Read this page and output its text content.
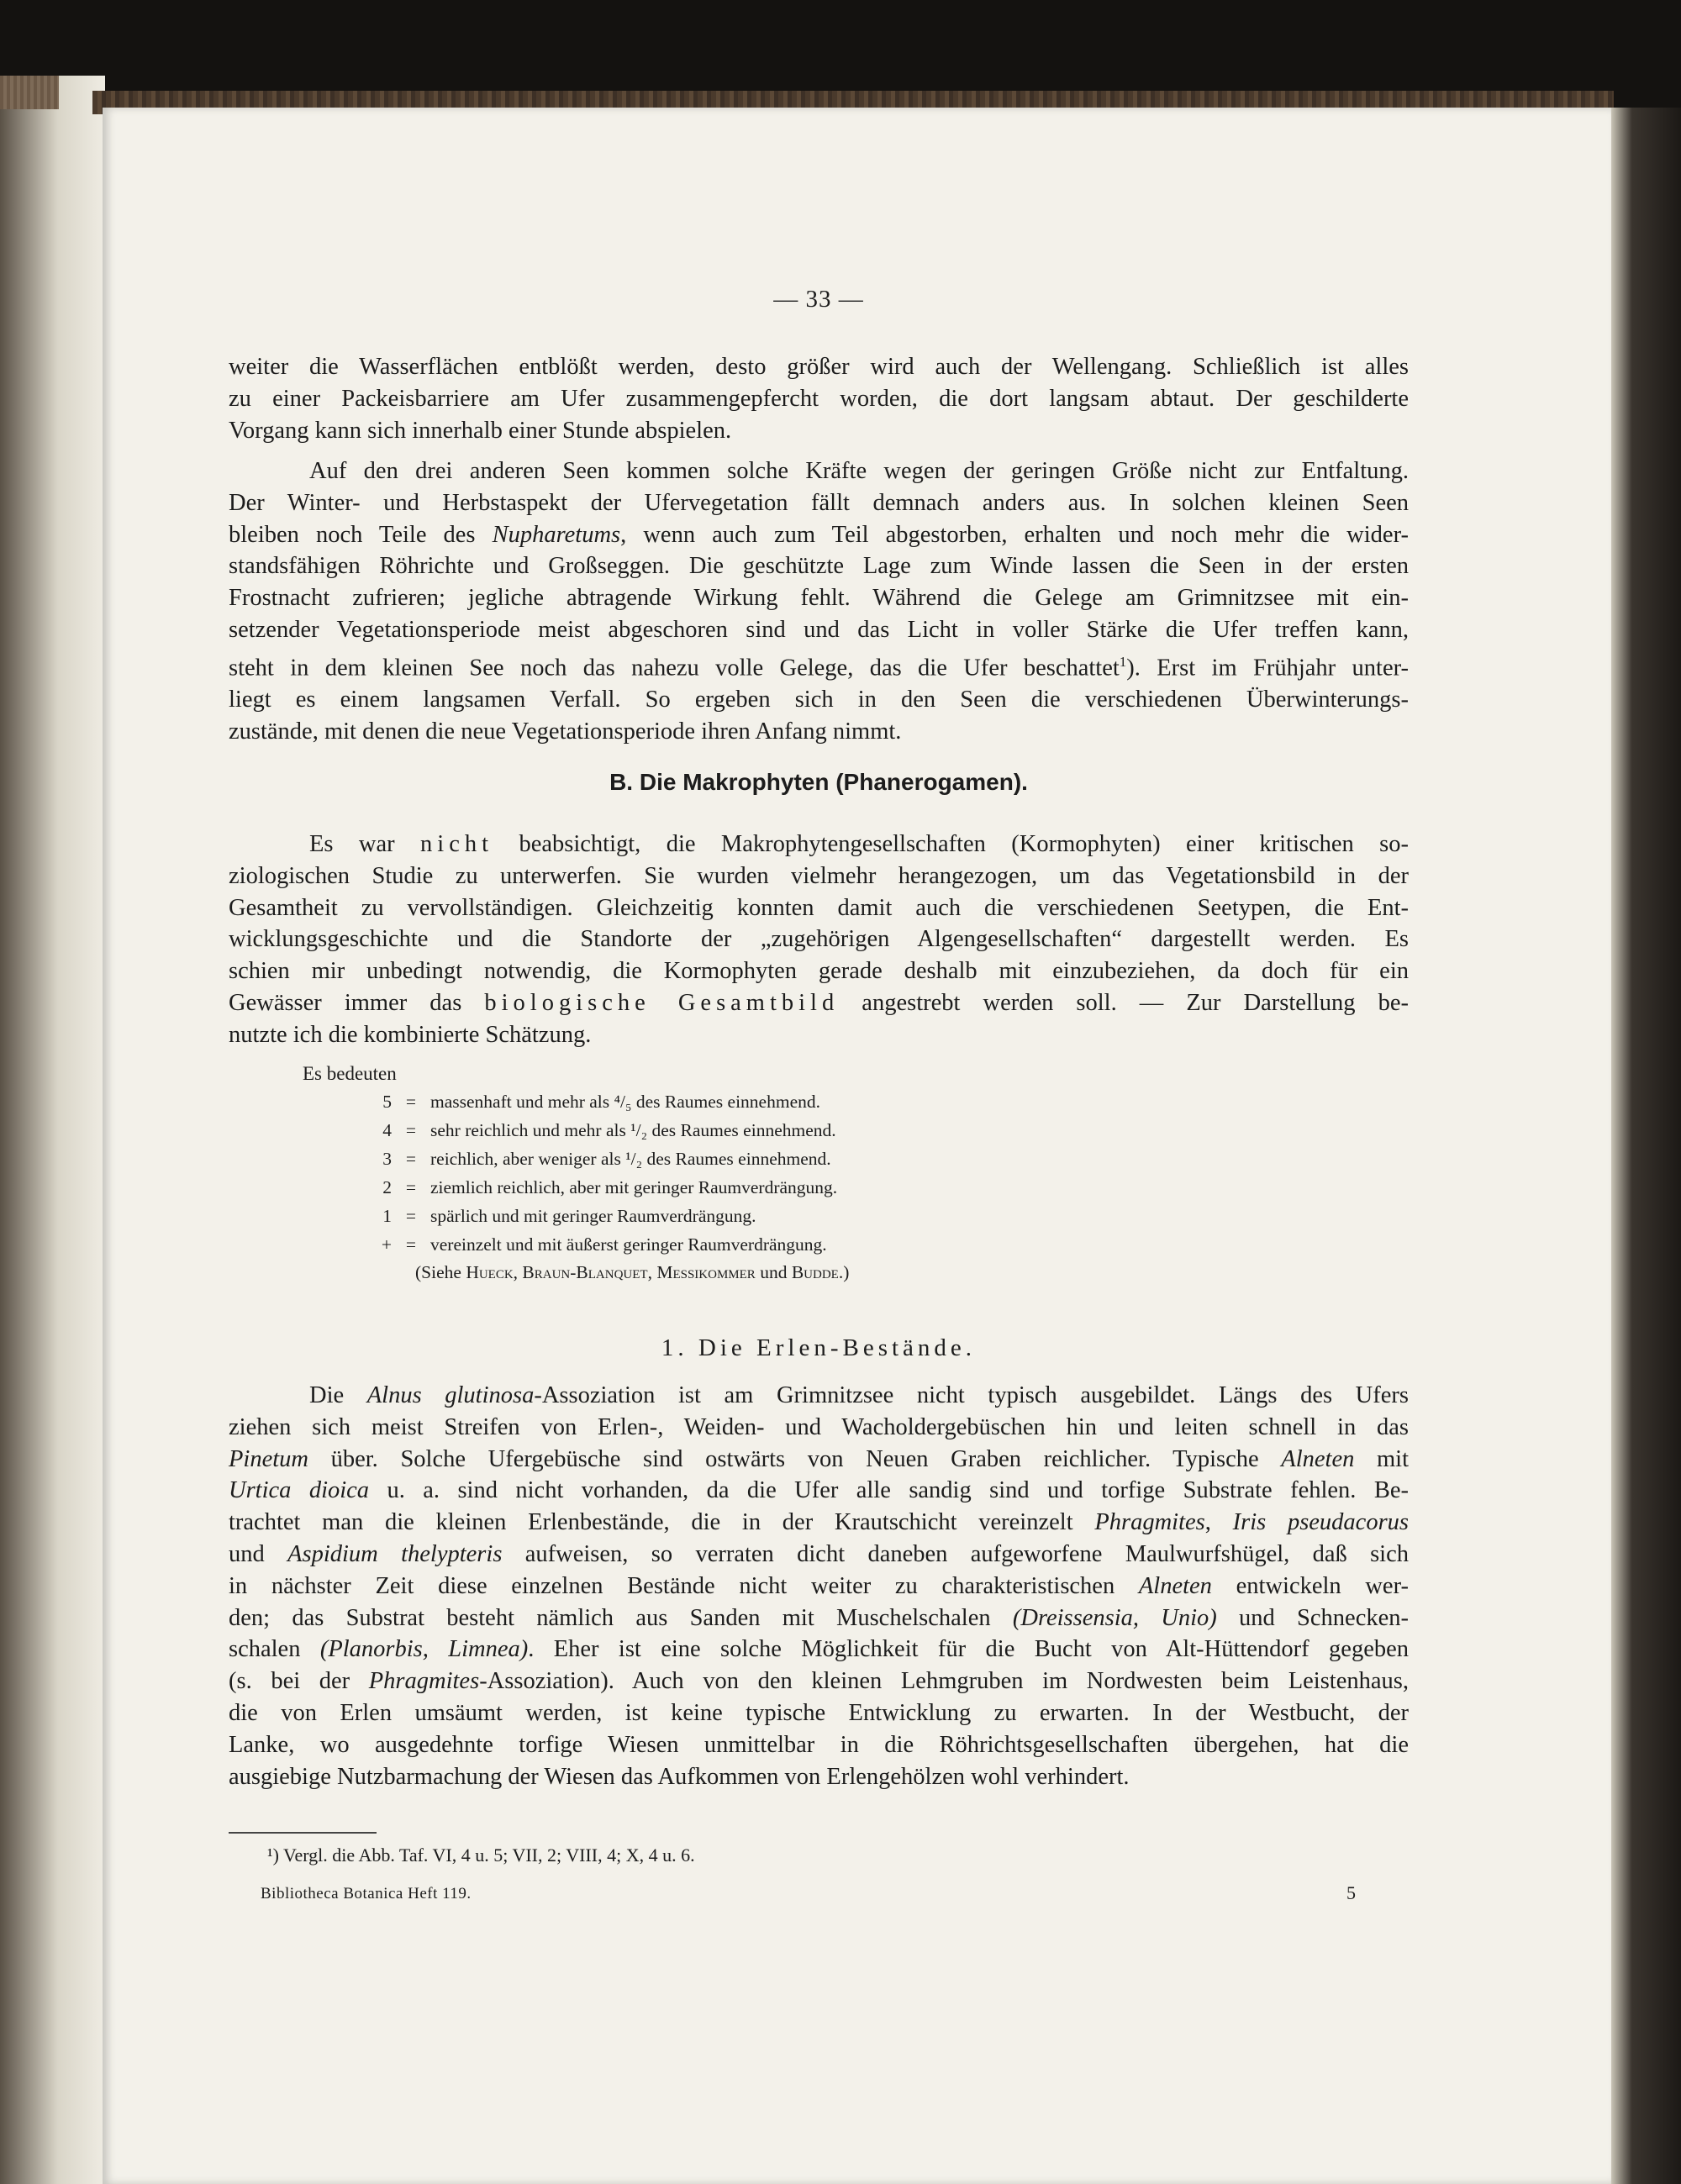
— 33 —
weiter die Wasserflächen entblößt werden, desto größer wird auch der Wellengang. Schließlich ist alles
zu einer Packeisbarriere am Ufer zusammengepfercht worden, die dort langsam abtaut. Der geschilderte
Vorgang kann sich innerhalb einer Stunde abspielen.
Auf den drei anderen Seen kommen solche Kräfte wegen der geringen Größe nicht zur Entfaltung.
Der Winter- und Herbstaspekt der Ufervegetation fällt demnach anders aus. In solchen kleinen Seen
bleiben noch Teile des Nupharetums, wenn auch zum Teil abgestorben, erhalten und noch mehr die wider-
standsfähigen Röhrichte und Großseggen. Die geschützte Lage zum Winde lassen die Seen in der ersten
Frostnacht zufrieren; jegliche abtragende Wirkung fehlt. Während die Gelege am Grimnitzsee mit ein-
setzender Vegetationsperiode meist abgeschoren sind und das Licht in voller Stärke die Ufer treffen kann,
steht in dem kleinen See noch das nahezu volle Gelege, das die Ufer beschattet$^1$). Erst im Frühjahr unter-
liegt es einem langsamen Verfall. So ergeben sich in den Seen die verschiedenen Überwinterungs-
zustände, mit denen die neue Vegetationsperiode ihren Anfang nimmt.
B. Die Makrophyten (Phanerogamen).
Es war nicht beabsichtigt, die Makrophytengesellschaften (Kormophyten) einer kritischen so-
ziologischen Studie zu unterwerfen. Sie wurden vielmehr herangezogen, um das Vegetationsbild in der
Gesamtheit zu vervollständigen. Gleichzeitig konnten damit auch die verschiedenen Seetypen, die Ent-
wicklungsgeschichte und die Standorte der „zugehörigen Algengesellschaften“ dargestellt werden. Es
schien mir unbedingt notwendig, die Kormophyten gerade deshalb mit einzubeziehen, da doch für ein
Gewässer immer das biologische Gesamtbild angestrebt werden soll. — Zur Darstellung be-
nutzte ich die kombinierte Schätzung.
Es bedeuten
5 = massenhaft und mehr als ⁴/₅ des Raumes einnehmend.
4 = sehr reichlich und mehr als ¹/₂ des Raumes einnehmend.
3 = reichlich, aber weniger als ¹/₂ des Raumes einnehmend.
2 = ziemlich reichlich, aber mit geringer Raumverdrängung.
1 = spärlich und mit geringer Raumverdrängung.
+ = vereinzelt und mit äußerst geringer Raumverdrängung.
(Siehe Hueck, Braun-Blanquet, Messikommer und Budde.)
1. Die Erlen-Bestände.
Die Alnus glutinosa-Assoziation ist am Grimnitzsee nicht typisch ausgebildet. Längs des Ufers
ziehen sich meist Streifen von Erlen-, Weiden- und Wacholdergebüschen hin und leiten schnell in das
Pinetum über. Solche Ufergebüsche sind ostwärts von Neuen Graben reichlicher. Typische Alneten mit
Urtica dioica u. a. sind nicht vorhanden, da die Ufer alle sandig sind und torfige Substrate fehlen. Be-
trachtet man die kleinen Erlenbestände, die in der Krautschicht vereinzelt Phragmites, Iris pseudacorus
und Aspidium thelypteris aufweisen, so verraten dicht daneben aufgeworfene Maulwurfshügel, daß sich
in nächster Zeit diese einzelnen Bestände nicht weiter zu charakteristischen Alneten entwickeln wer-
den; das Substrat besteht nämlich aus Sanden mit Muschelschalen (Dreissensia, Unio) und Schnecken-
schalen (Planorbis, Limnea). Eher ist eine solche Möglichkeit für die Bucht von Alt-Hüttendorf gegeben
(s. bei der Phragmites-Assoziation). Auch von den kleinen Lehmgruben im Nordwesten beim Leistenhaus,
die von Erlen umsäumt werden, ist keine typische Entwicklung zu erwarten. In der Westbucht, der
Lanke, wo ausgedehnte torfige Wiesen unmittelbar in die Röhrichtsgesellschaften übergehen, hat die
ausgiebige Nutzbarmachung der Wiesen das Aufkommen von Erlengehölzen wohl verhindert.
¹) Vergl. die Abb. Taf. VI, 4 u. 5; VII, 2; VIII, 4; X, 4 u. 6.
Bibliotheca Botanica Heft 119.	5
